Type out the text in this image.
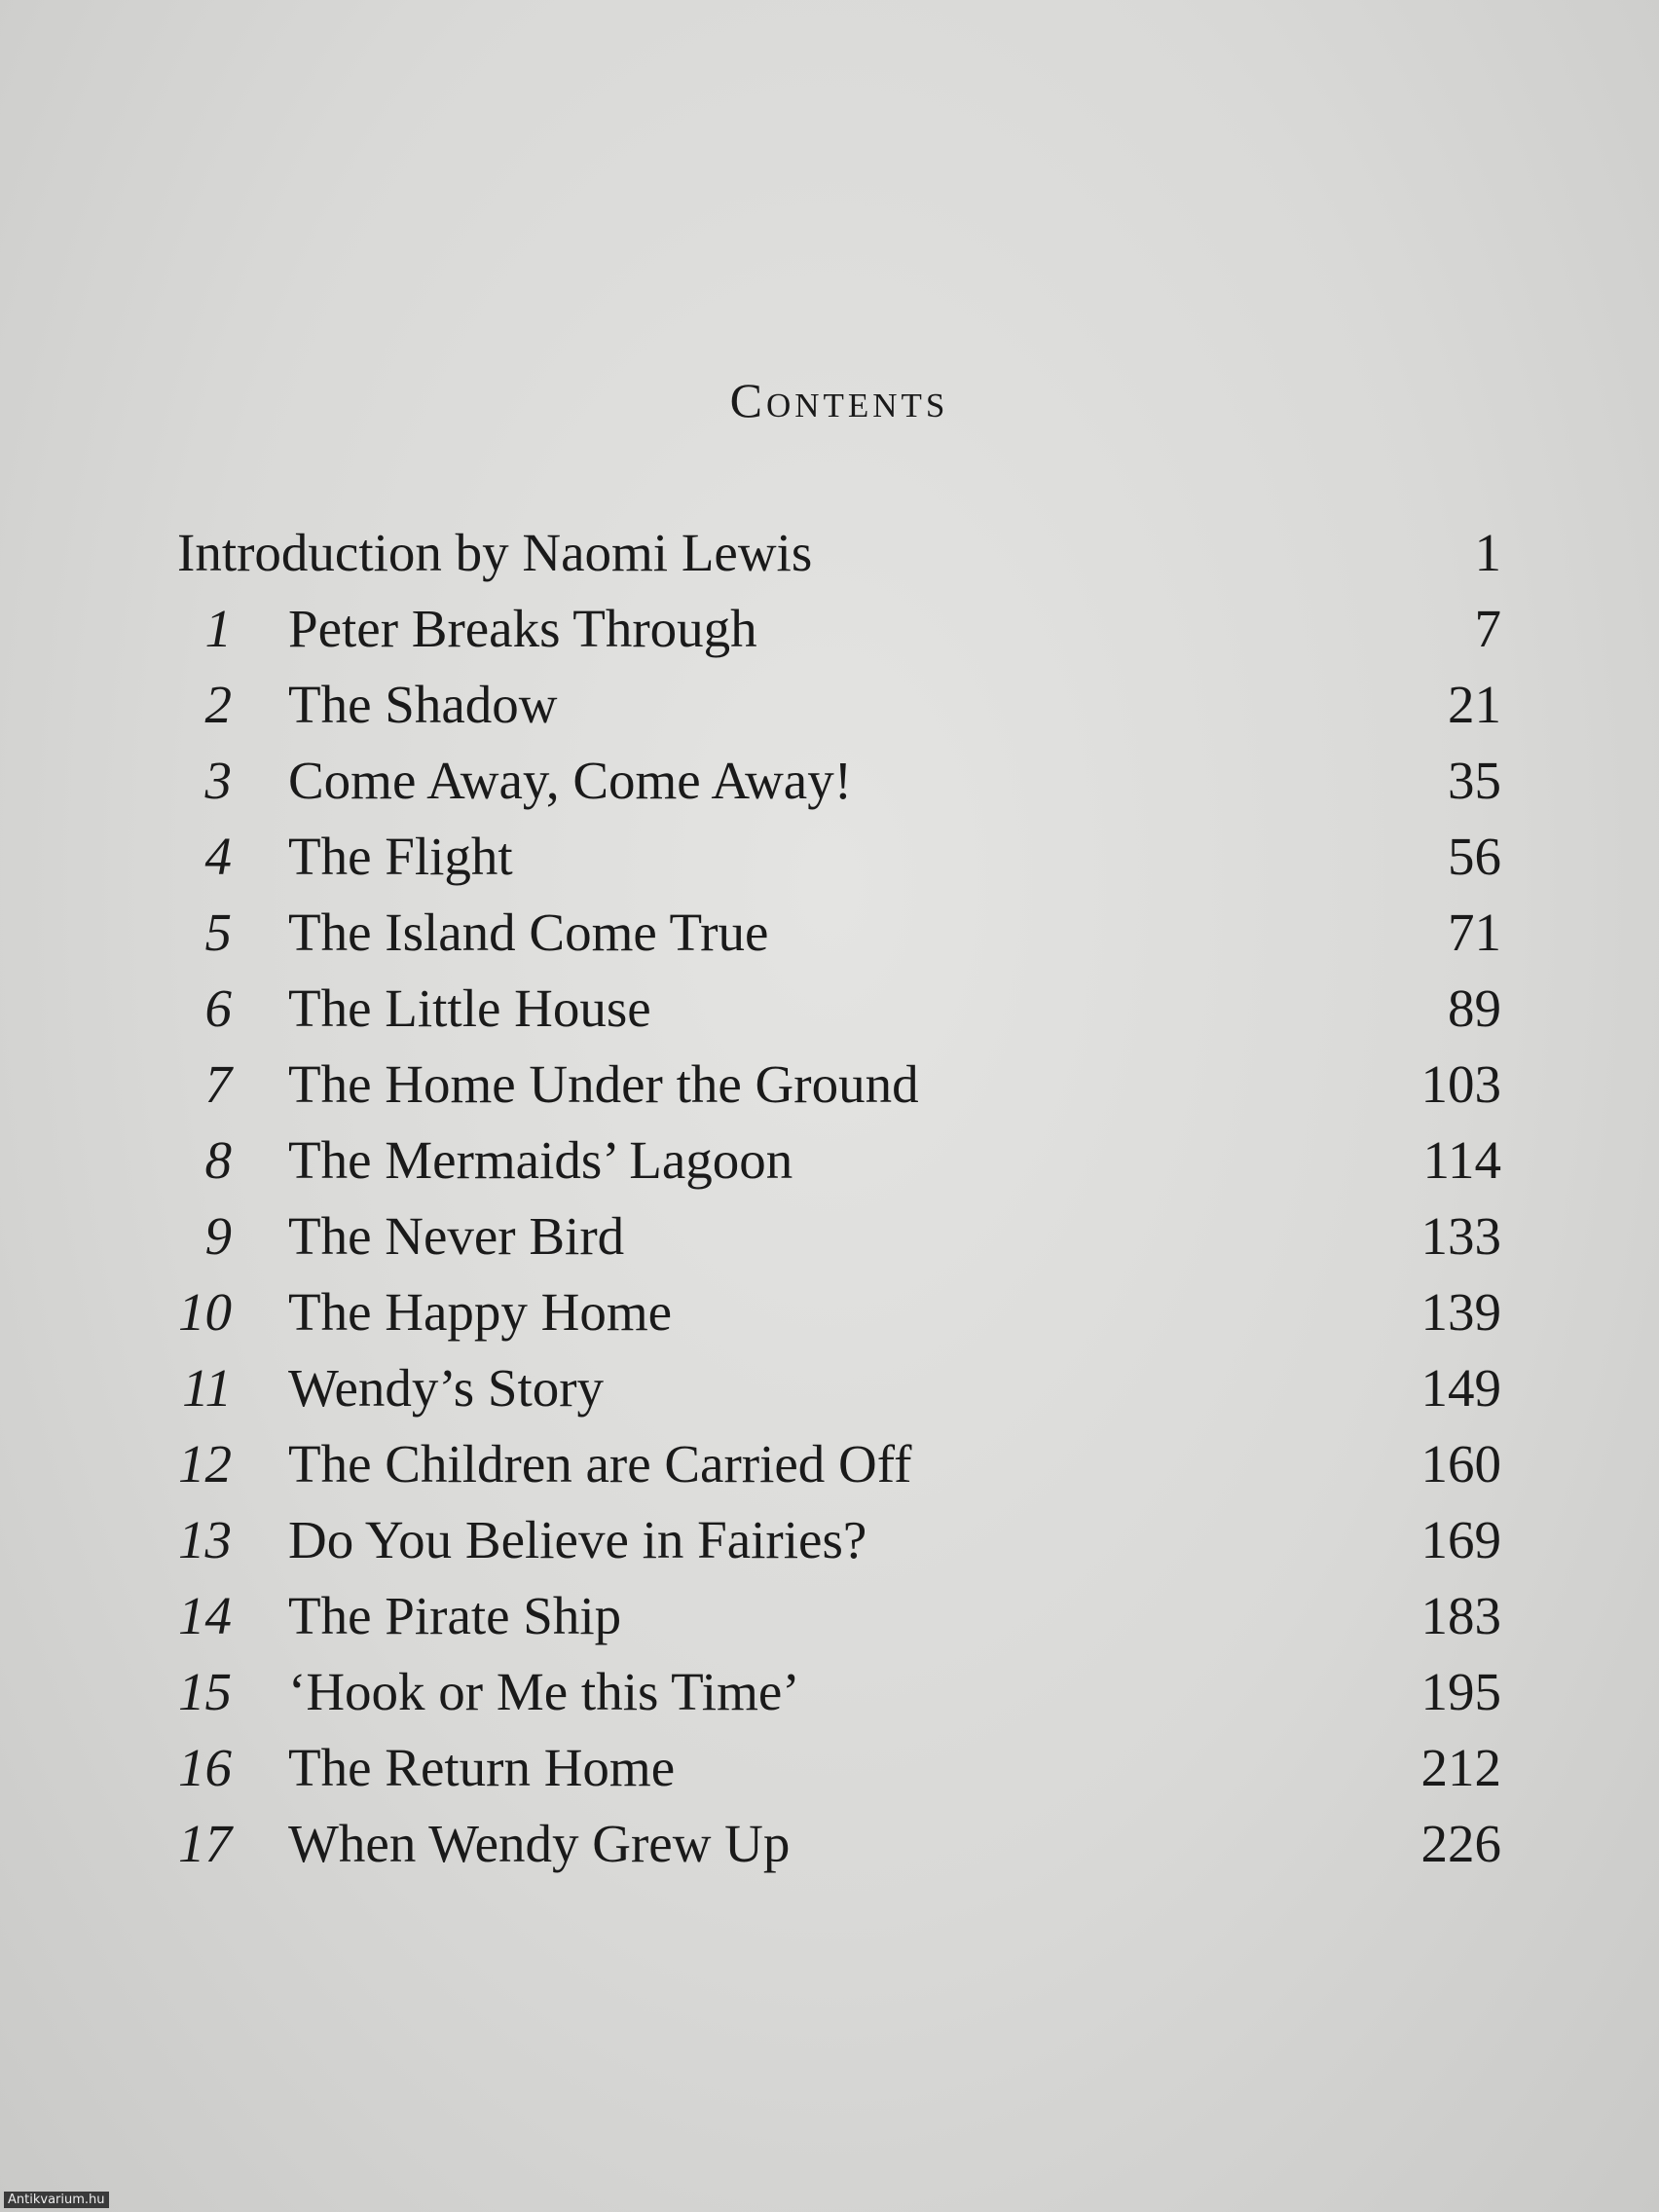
Contents
Introduction by Naomi Lewis	1
1 Peter Breaks Through	7
2 The Shadow	21
3 Come Away, Come Away!	35
4 The Flight	56
5 The Island Come True	71
6 The Little House	89
7 The Home Under the Ground	103
8 The Mermaids’ Lagoon	114
9 The Never Bird	133
10 The Happy Home	139
11 Wendy’s Story	149
12 The Children are Carried Off	160
13 Do You Believe in Fairies?	169
14 The Pirate Ship	183
15 ‘Hook or Me this Time’	195
16 The Return Home	212
17 When Wendy Grew Up	226
Antikvarium.hu
